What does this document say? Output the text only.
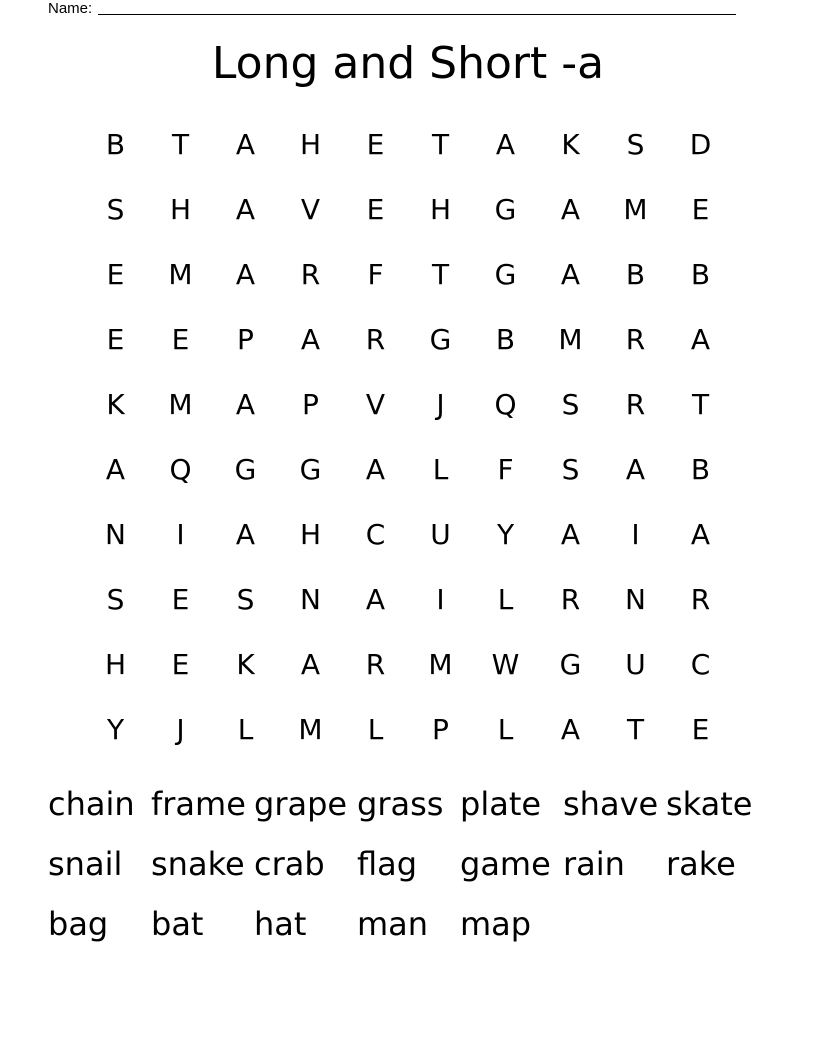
Name:
Long and Short -a
B	T	A	H	E	T	A	K	S	D
S	H	A	V	E	H	G	A	M	E
E	M	A	R	F	T	G	A	B	B
E	E	P	A	R	G	B	M	R	A
K	M	A	P	V	J	Q	S	R	T
A	Q	G	G	A	L	F	S	A	B
N	I	A	H	C	U	Y	A	I	A
S	E	S	N	A	I	L	R	N	R
H	E	K	A	R	M	W	G	U	C
Y	J	L	M	L	P	L	A	T	E
chain frame grape grass plate shave skate
snail snake crab	flag	game rain	rake
bag	bat	hat	man map
